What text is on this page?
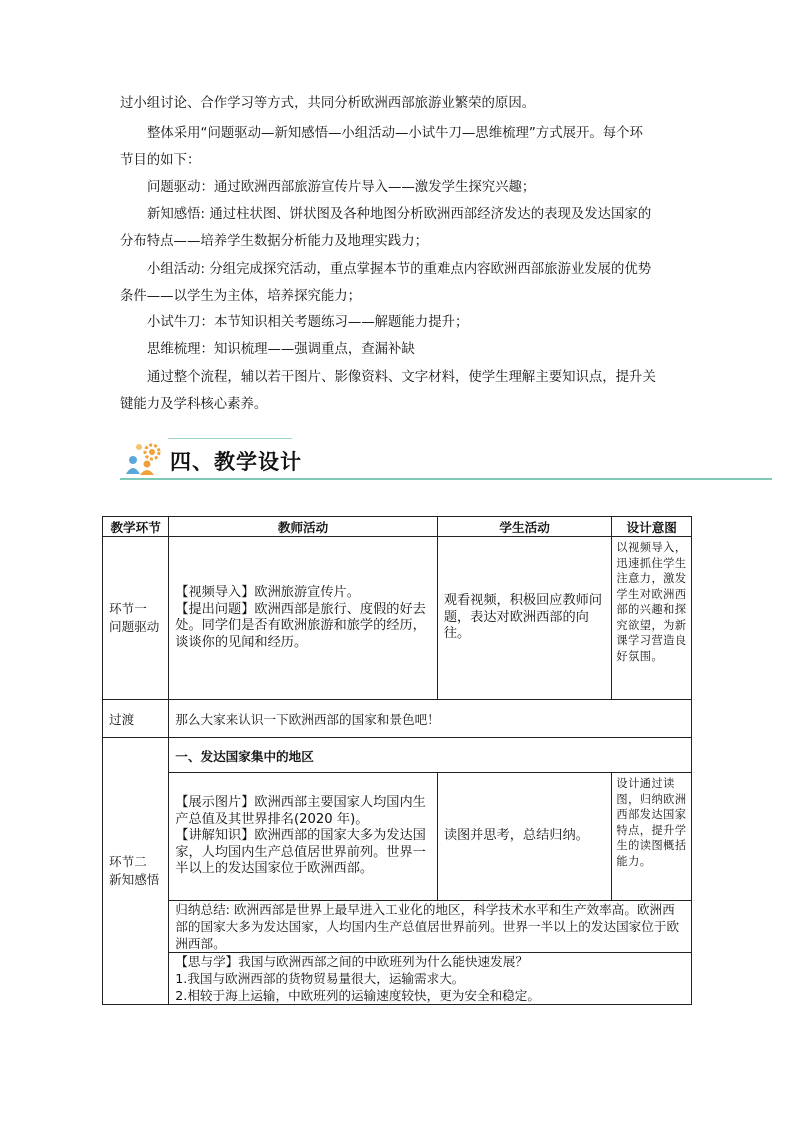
过小组讨论、合作学习等方式，共同分析欧洲西部旅游业繁荣的原因。
整体采用“问题驱动—新知感悟—小组活动—小试牛刀—思维梳理”方式展开。每个环
节目的如下：
问题驱动：通过欧洲西部旅游宣传片导入——激发学生探究兴趣；
新知感悟: 通过柱状图、饼状图及各种地图分析欧洲西部经济发达的表现及发达国家的
分布特点——培养学生数据分析能力及地理实践力；
小组活动: 分组完成探究活动，重点掌握本节的重难点内容欧洲西部旅游业发展的优势
条件——以学生为主体，培养探究能力；
小试牛刀：本节知识相关考题练习——解题能力提升；
思维梳理：知识梳理——强调重点，查漏补缺
通过整个流程，辅以若干图片、影像资料、文字材料，使学生理解主要知识点，提升关
键能力及学科核心素养。
四、教学设计
教学环节	教师活动	学生活动	设计意图

环节一
问题驱动	【视频导入】欧洲旅游宣传片。
【提出问题】欧洲西部是旅行、度假的好去处。同学们是否有欧洲旅游和旅学的经历，谈谈你的见闻和经历。	观看视频，积极回应教师问题，表达对欧洲西部的向往。	以视频导入，迅速抓住学生注意力，激发学生对欧洲西部的兴趣和探究欲望，为新课学习营造良好氛围。
过渡	那么大家来认识一下欧洲西部的国家和景色吧！		

环节二
新知感悟	一、发达国家集中的地区		

	【展示图片】欧洲西部主要国家人均国内生产总值及其世界排名(2020 年)。
【讲解知识】欧洲西部的国家大多为发达国家，人均国内生产总值居世界前列。世界一半以上的发达国家位于欧洲西部。	读图并思考，总结归纳。	设计通过读图，归纳欧洲西部发达国家特点，提升学生的读图概括能力。
	归纳总结: 欧洲西部是世界上最早进入工业化的地区，科学技术水平和生产效率高。欧洲西部的国家大多为发达国家，人均国内生产总值居世界前列。世界一半以上的发达国家位于欧洲西部。		

	【思与学】我国与欧洲西部之间的中欧班列为什么能快速发展？
1.我国与欧洲西部的货物贸易量很大，运输需求大。
2.相较于海上运输，中欧班列的运输速度较快，更为安全和稳定。		
